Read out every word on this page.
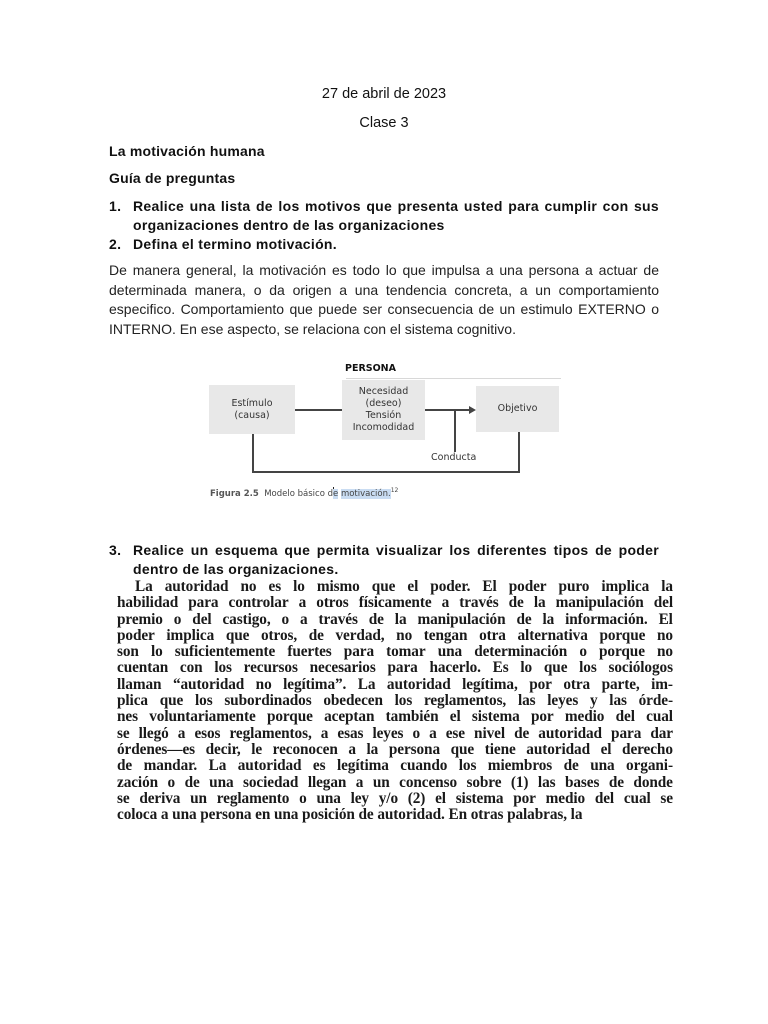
27 de abril de 2023
Clase 3
La motivación humana
Guía de preguntas
1. Realice una lista de los motivos que presenta usted para cumplir con sus organizaciones dentro de las organizaciones
2. Defina el termino motivación.
De manera general, la motivación es todo lo que impulsa a una persona a actuar de determinada manera, o da origen a una tendencia concreta, a un comportamiento especifico. Comportamiento que puede ser consecuencia de un estimulo EXTERNO o INTERNO. En ese aspecto, se relaciona con el sistema cognitivo.
PERSONA
Estímulo
(causa)
Necesidad
(deseo)
Tensión
Incomodidad
Objetivo
Conducta
Figura 2.5 Modelo básico de motivación.$^{12}$
3. Realice un esquema que permita visualizar los diferentes tipos de poder dentro de las organizaciones.
La autoridad no es lo mismo que el poder. El poder puro implica la
habilidad para controlar a otros físicamente a través de la manipulación del
premio o del castigo, o a través de la manipulación de la información. El
poder implica que otros, de verdad, no tengan otra alternativa porque no
son lo suficientemente fuertes para tomar una determinación o porque no
cuentan con los recursos necesarios para hacerlo. Es lo que los sociólogos
llaman “autoridad no legítima”. La autoridad legítima, por otra parte, im-
plica que los subordinados obedecen los reglamentos, las leyes y las órde-
nes voluntariamente porque aceptan también el sistema por medio del cual
se llegó a esos reglamentos, a esas leyes o a ese nivel de autoridad para dar
órdenes—es decir, le reconocen a la persona que tiene autoridad el derecho
de mandar. La autoridad es legítima cuando los miembros de una organi-
zación o de una sociedad llegan a un concenso sobre (1) las bases de donde
se deriva un reglamento o una ley y/o (2) el sistema por medio del cual se
coloca a una persona en una posición de autoridad. En otras palabras, la
